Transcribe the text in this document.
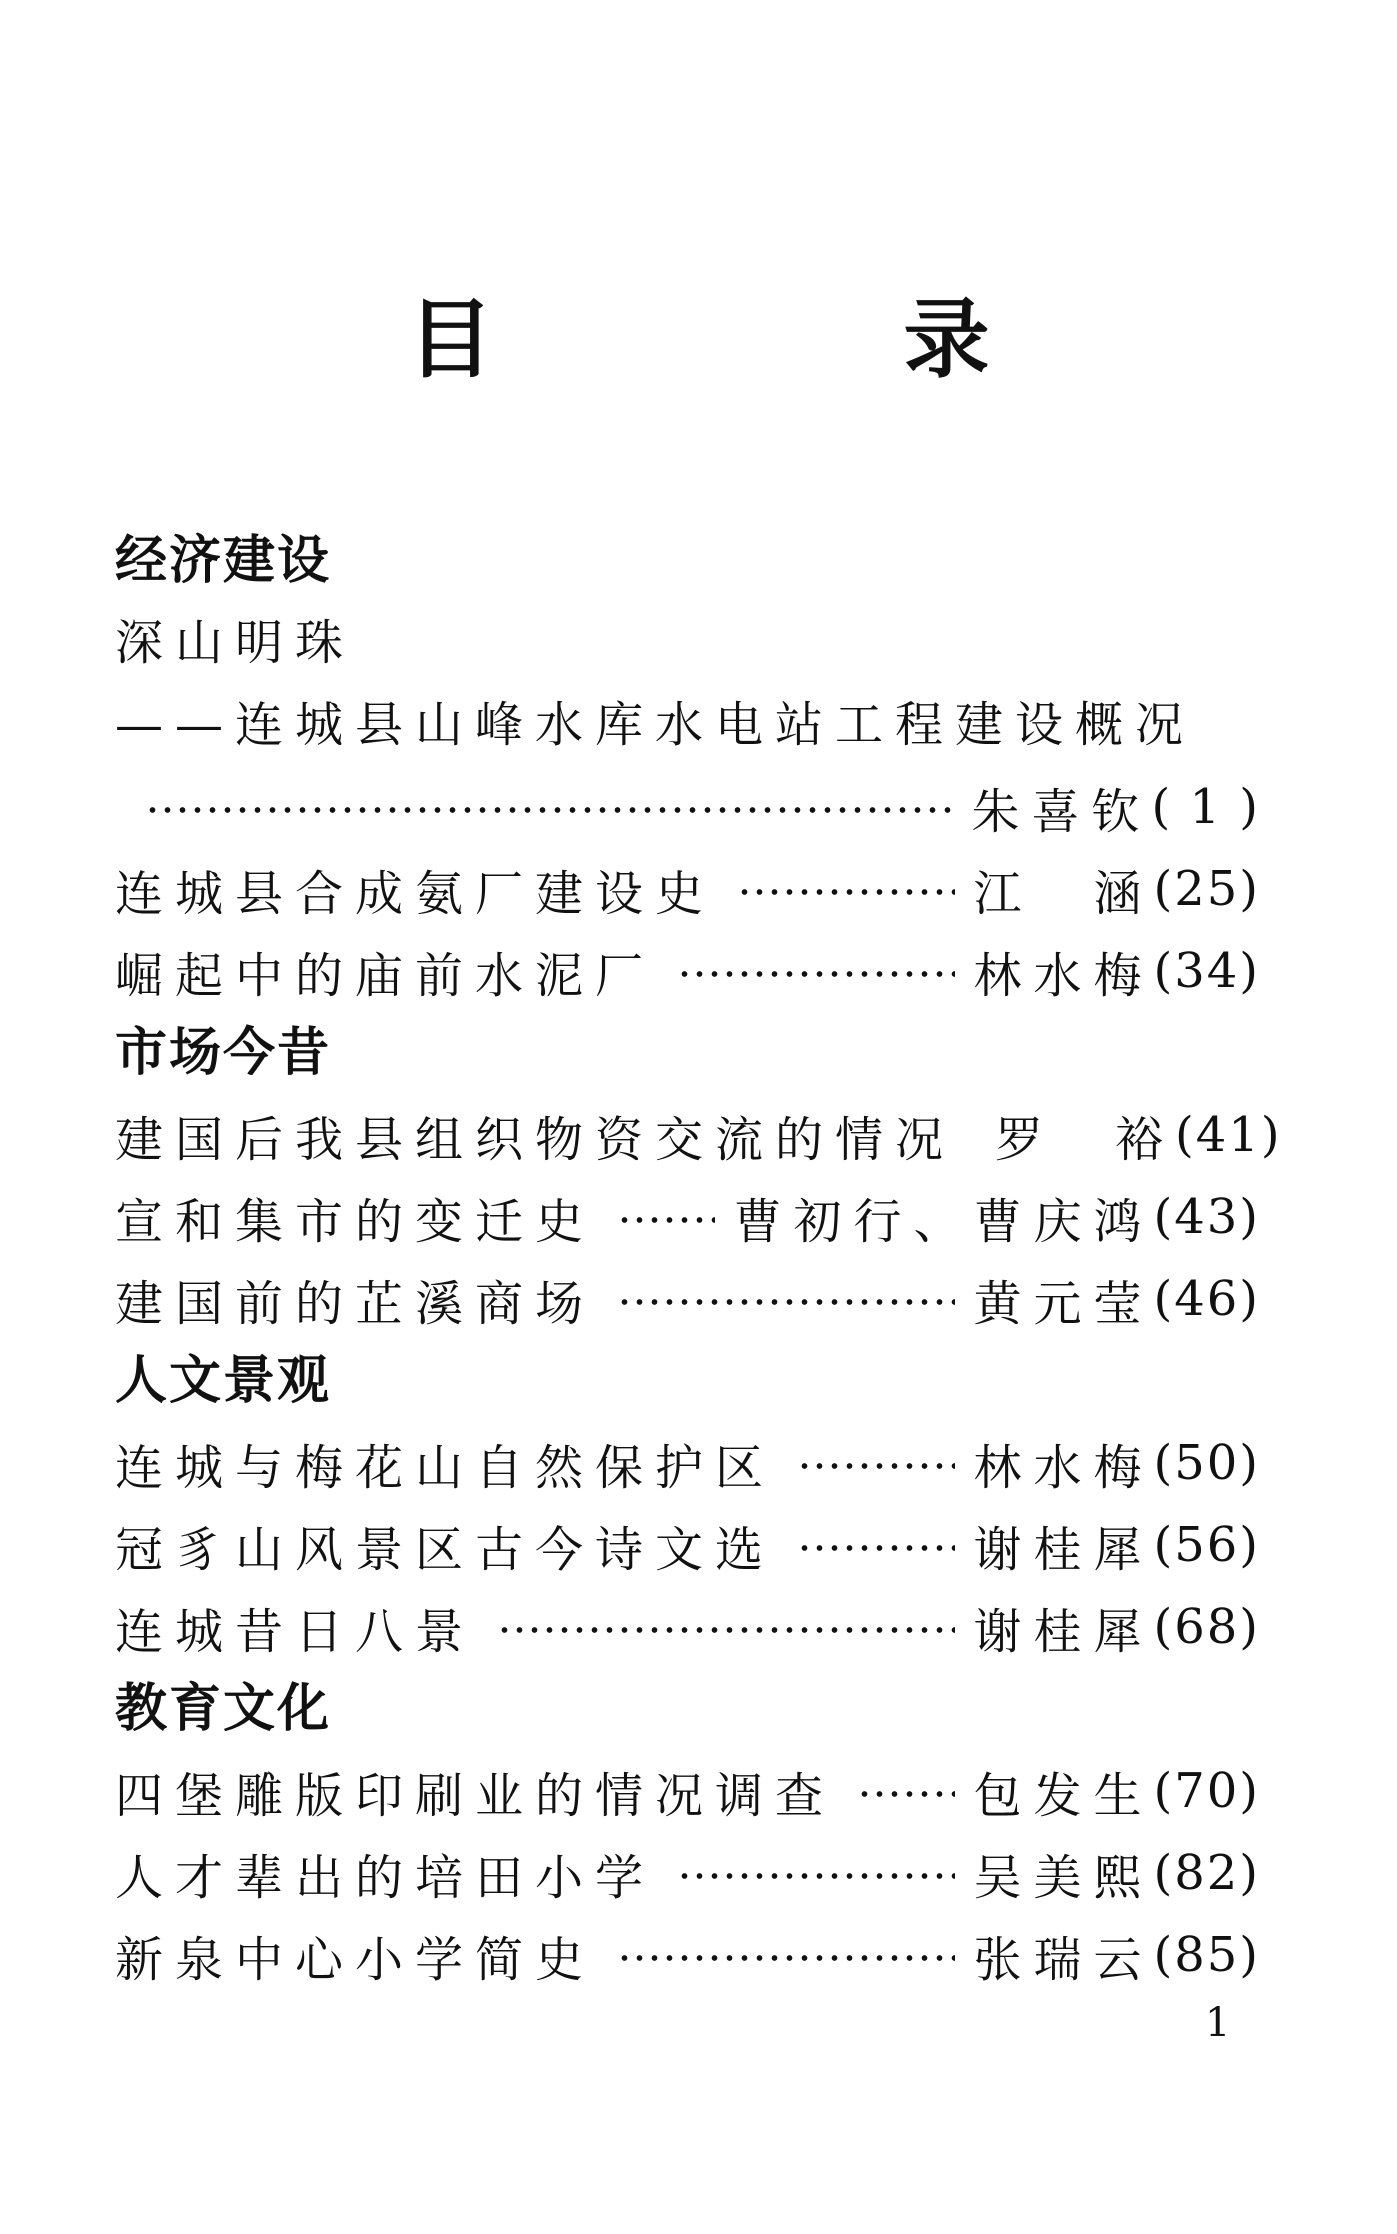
目 录
经济建设
深山明珠
——连城县山峰水库水电站工程建设概况
朱喜钦 ( 1 )
连城县合成氨厂建设史	江　涵 (25)
崛起中的庙前水泥厂	林水梅 (34)
市场今昔
建国后我县组织物资交流的情况 罗　裕 (41)
宣和集市的变迁史	曹初行、曹庆鸿 (43)
建国前的芷溪商场	黄元莹 (46)
人文景观
连城与梅花山自然保护区	林水梅 (50)
冠豸山风景区古今诗文选	谢桂犀 (56)
连城昔日八景	谢桂犀 (68)
教育文化
四堡雕版印刷业的情况调查	包发生 (70)
人才辈出的培田小学	吴美熙 (82)
新泉中心小学简史	张瑞云 (85)
1
